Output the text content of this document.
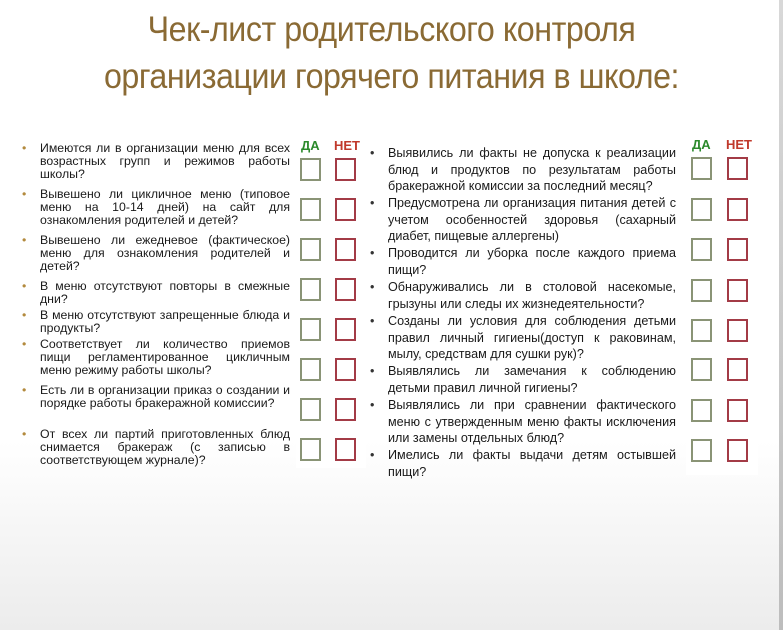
Чек-лист родительского контроля
организации горячего питания в школе:
• Имеются ли в организации меню для всех возрастных групп и режимов работы школы?
• Вывешено ли цикличное меню (типовое меню на 10-14 дней) на сайт для ознакомления родителей и детей?
• Вывешено ли ежедневое (фактическое) меню для ознакомления родителей и детей?
• В меню отсутствуют повторы в смежные дни?
• В меню отсутствуют запрещенные блюда и продукты?
• Соответствует ли количество приемов пищи регламентированное цикличным меню режиму работы школы?
• Есть ли в организации приказ о создании и порядке работы бракеражной комиссии?
• От всех ли партий приготовленных блюд снимается бракераж (с записью в соответствующем журнале)?
ДА НЕТ • Выявились ли факты не допуска к реализации блюд и продуктов по результатам работы бракеражной комиссии за последний месяц?
• Предусмотрена ли организация питания детей с учетом особенностей здоровья (сахарный диабет, пищевые аллергены)
• Проводится ли уборка после каждого приема пищи?
• Обнаруживались ли в столовой насекомые, грызуны или следы их жизнедеятельности?
• Созданы ли условия для соблюдения детьми правил личный гигиены(доступ к раковинам, мылу, средствам для сушки рук)?
• Выявлялись ли замечания к соблюдению детьми правил личной гигиены?
• Выявлялись ли при сравнении фактического меню с утвержденным меню факты исключения или замены отдельных блюд?
• Имелись ли факты выдачи детям остывшей пищи?
ДА НЕТ
